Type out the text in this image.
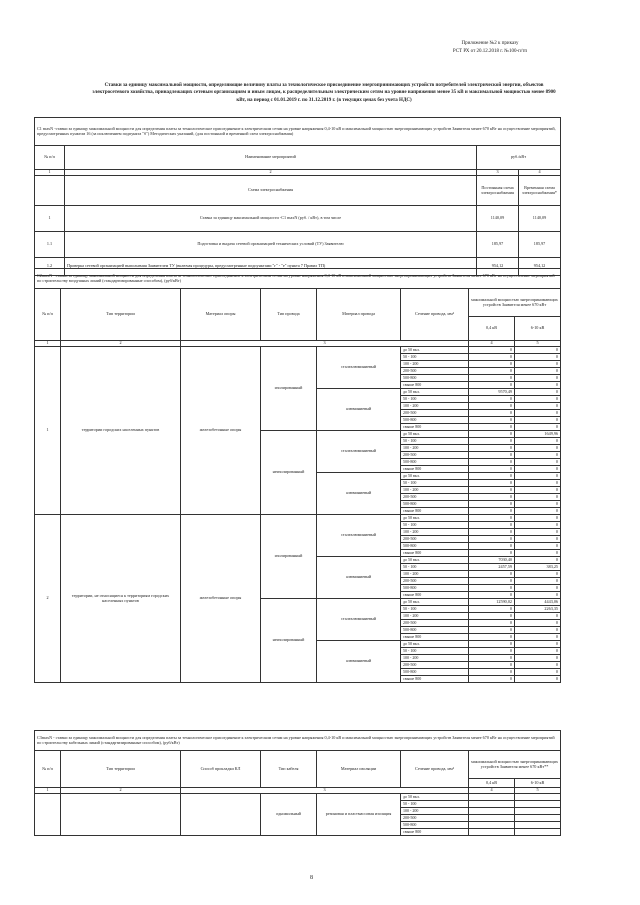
Приложение №2 к приказу
РСТ РХ от 20.12.2018 г. №100-п/тп
Ставки за единицу максимальной мощности, определяющие величину платы за технологическое присоединение энергопринимающих устройств потребителей электрической энергии, объектов электросетевого хозяйства, принадлежащих сетевым организациям и иным лицам, к распределительным электрическим сетям на уровне напряжения менее 35 кВ и максимальной мощностью менее 8900 кВт, на период с 01.01.2019 г. по 31.12.2019 г. (в текущих ценах без учета НДС)
C1 maxN -ставки за единицу максимальной мощности для определения платы за технологическое присоединение к электрическим сетям на уровне напряжения 0,4-10 кВ и максимальной мощностью энергопринимающих устройств Заявителя менее 670 кВт на осуществление мероприятий, предусмотренных пунктом 16 (за исключением подпункта "б") Методических указаний, (для постоянной и временной схем электроснабжения)			
№ п/п	Наименование мероприятий	руб./кВт	
1	2	3	4
	Схема электроснабжения	Постоянная схема электроснабжения	Временная схема электроснабжения*
1	Ставка за единицу максимальной мощности -C1 maxN (руб. / кВт), в том числе	1140,09	1140,09
1.1	Подготовка и выдача сетевой организацией технических условий (ТУ) Заявителю	185,97	185,97
1.2	Проверка сетевой организацией выполнения Заявителем ТУ (включая процедуры, предусмотренные подпунктами "г" - "е" пункта 7 Правил ТП)	954,12	954,12
C2maxN - ставки за единицу максимальной мощности для определения платы за технологическое присоединение к электрическим сетям на уровне напряжения 0,4-10 кВ и максимальной мощностью энергопринимающих устройств Заявителя менее 670 кВт на осуществление мероприятий по строительству воздушных линий (стандартизированные способом), (руб/кВт)							
№ п/п	Тип территории	Материал опоры	Тип провода	Материал провода	Сечение провода, мм²	максимальной мощностью энергопринимающих устройств Заявителя менее 670 кВт	
						0,4 кВ	6-10 кВ
1	2	3				4	5
1	территории городских населенных пунктов	железобетонные опоры	изолированный	сталеалюминиевый	до 50 вкл.	0	0
					50 - 100	0	0
					100 - 200	0	0
					200-500	0	0
					500-800	0	0
					свыше 800	0	0
				алюминиевый	до 50 вкл.	9570,49	0
					50 - 100	0	0
					100 - 200	0	0
					200-500	0	0
					500-800	0	0
					свыше 800	0	0
			неизолированный	сталеалюминиевый	до 50 вкл.	0	1649,96
					50 - 100	0	0
					100 - 200	0	0
					200-500	0	0
					500-800	0	0
					свыше 800	0	0
				алюминиевый	до 50 вкл.	0	0
					50 - 100	0	0
					100 - 200	0	0
					200-500	0	0
					500-800	0	0
					свыше 800	0	0
2	территории, не относящиеся к территориям городских населенных пунктов	железобетонные опоры	изолированный	сталеалюминиевый	до 50 вкл.	0	0
					50 - 100	0	0
					100 - 200	0	0
					200-500	0	0
					500-800	0	0
					свыше 800	0	0
				алюминиевый	до 50 вкл.	7030,40	0
					50 - 100	2457,59	383,25
					100 - 200	0	0
					200-500	0	0
					500-800	0	0
					свыше 800	0	0
			неизолированный	сталеалюминиевый	до 50 вкл.	12590,02	4443,06
					50 - 100	0	2263,35
					100 - 200	0	0
					200-500	0	0
					500-800	0	0
					свыше 800	0	0
				алюминиевый	до 50 вкл.	0	0
					50 - 100	0	0
					100 - 200	0	0
					200-500	0	0
					500-800	0	0
					свыше 800	0	0
C3maxN - ставки за единицу максимальной мощности для определения платы за технологическое присоединение к электрическим сетям на уровне напряжения 0,4-10 кВ и максимальной мощностью энергопринимающих устройств Заявителя менее 670 кВт на осуществление мероприятий по строительству кабельных линий (стандартизированные способом), (руб/кВт)							
№ п/п	Тип территории	Способ прокладки КЛ	Тип кабеля	Материал изоляции	Сечение провода, мм²	максимальной мощностью энергопринимающих устройств Заявителя менее 670 кВт**	
						0,4 кВ	6-10 кВ
1	2	3				4	5
			одножильный	резиновая и пластмассовая изоляция	до 50 вкл.		
					50 - 100		
					100 - 200		
					200-500		
					500-800		
					свыше 800		
8
